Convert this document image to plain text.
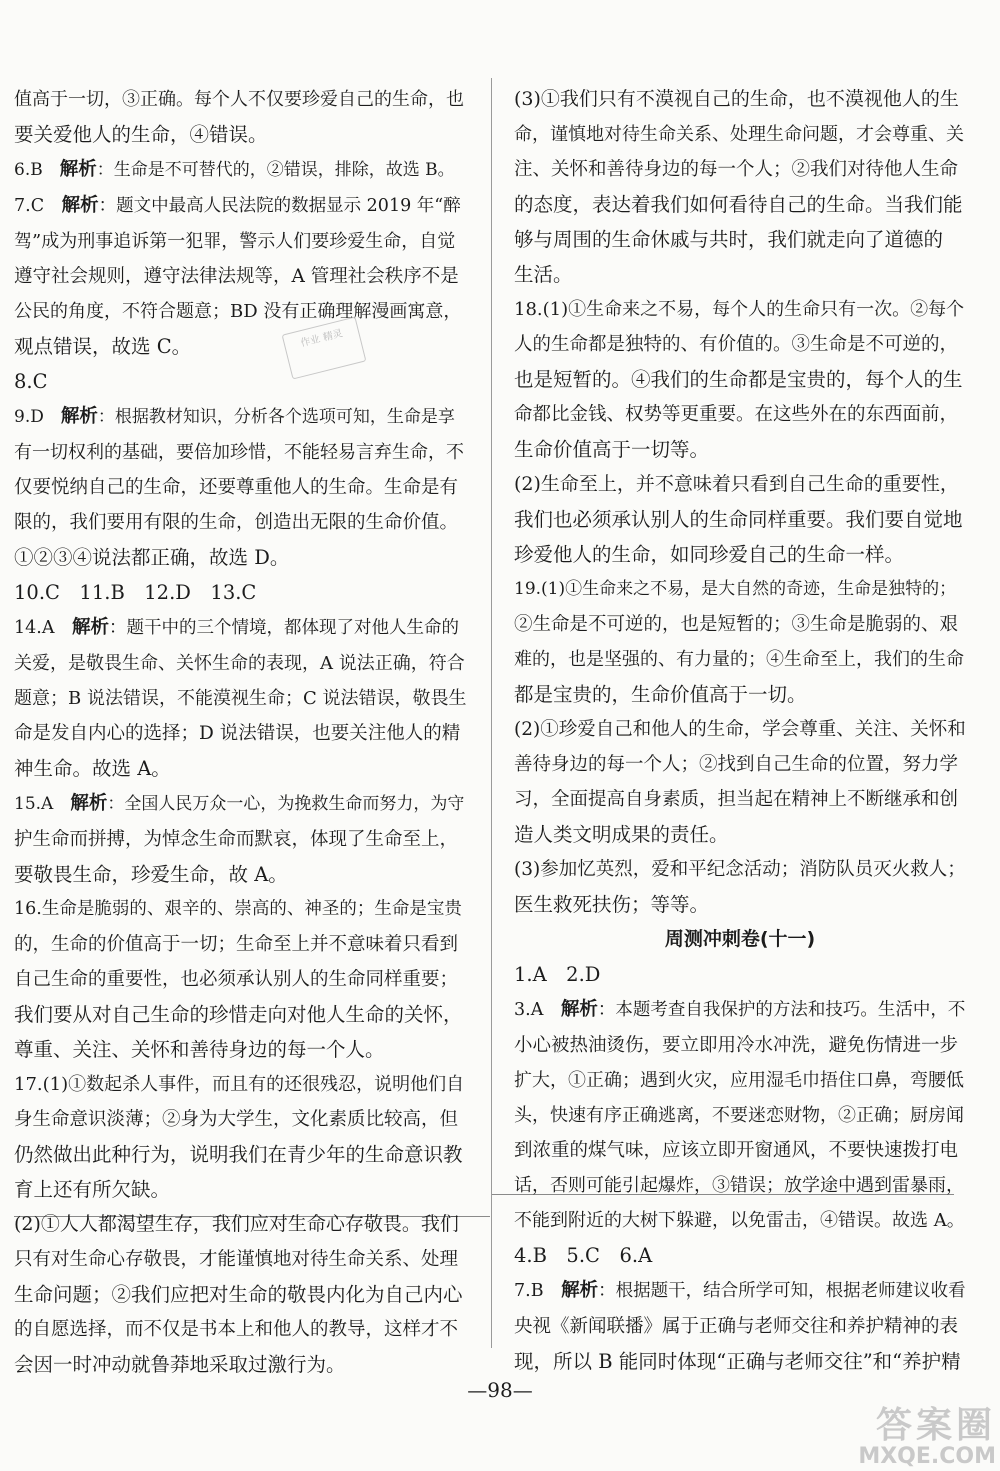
值高于一切，③正确。每个人不仅要珍爱自己的生命，也

要关爱他人的生命，④错误。

6.B　解析：生命是不可替代的，②错误，排除，故选 B。

7.C　解析：题文中最高人民法院的数据显示 2019 年“醉

驾”成为刑事追诉第一犯罪，警示人们要珍爱生命，自觉

遵守社会规则，遵守法律法规等，A 管理社会秩序不是

公民的角度，不符合题意；BD 没有正确理解漫画寓意，

观点错误，故选 C。

8.C

9.D　解析：根据教材知识，分析各个选项可知，生命是享

有一切权利的基础，要倍加珍惜，不能轻易言弃生命，不

仅要悦纳自己的生命，还要尊重他人的生命。生命是有

限的，我们要用有限的生命，创造出无限的生命价值。

①②③④说法都正确，故选 D。

10.C　11.B　12.D　13.C

14.A　解析：题干中的三个情境，都体现了对他人生命的

关爱，是敬畏生命、关怀生命的表现，A 说法正确，符合

题意；B 说法错误，不能漠视生命；C 说法错误，敬畏生

命是发自内心的选择；D 说法错误，也要关注他人的精

神生命。故选 A。

15.A　解析：全国人民万众一心，为挽救生命而努力，为守

护生命而拼搏，为悼念生命而默哀，体现了生命至上，

要敬畏生命，珍爱生命，故 A。

16.生命是脆弱的、艰辛的、崇高的、神圣的；生命是宝贵

的，生命的价值高于一切；生命至上并不意味着只看到

自己生命的重要性，也必须承认别人的生命同样重要；

我们要从对自己生命的珍惜走向对他人生命的关怀，

尊重、关注、关怀和善待身边的每一个人。

17.(1)①数起杀人事件，而且有的还很残忍，说明他们自

身生命意识淡薄；②身为大学生，文化素质比较高，但

仍然做出此种行为，说明我们在青少年的生命意识教

育上还有所欠缺。

(2)①人人都渴望生存，我们应对生命心存敬畏。我们

只有对生命心存敬畏，才能谨慎地对待生命关系、处理

生命问题；②我们应把对生命的敬畏内化为自己内心

的自愿选择，而不仅是书本上和他人的教导，这样才不

会因一时冲动就鲁莽地采取过激行为。

(3)①我们只有不漠视自己的生命，也不漠视他人的生

命，谨慎地对待生命关系、处理生命问题，才会尊重、关

注、关怀和善待身边的每一个人；②我们对待他人生命

的态度，表达着我们如何看待自己的生命。当我们能

够与周围的生命休戚与共时，我们就走向了道德的

生活。

18.(1)①生命来之不易，每个人的生命只有一次。②每个

人的生命都是独特的、有价值的。③生命是不可逆的，

也是短暂的。④我们的生命都是宝贵的，每个人的生

命都比金钱、权势等更重要。在这些外在的东西面前，

生命价值高于一切等。

(2)生命至上，并不意味着只看到自己生命的重要性，

我们也必须承认别人的生命同样重要。我们要自觉地

珍爱他人的生命，如同珍爱自己的生命一样。

19.(1)①生命来之不易，是大自然的奇迹，生命是独特的；

②生命是不可逆的，也是短暂的；③生命是脆弱的、艰

难的，也是坚强的、有力量的；④生命至上，我们的生命

都是宝贵的，生命价值高于一切。

(2)①珍爱自己和他人的生命，学会尊重、关注、关怀和

善待身边的每一个人；②找到自己生命的位置，努力学

习，全面提高自身素质，担当起在精神上不断继承和创

造人类文明成果的责任。

(3)参加忆英烈，爱和平纪念活动；消防队员灭火救人；

医生救死扶伤；等等。

周测冲刺卷(十一)

1.A　2.D

3.A　解析：本题考查自我保护的方法和技巧。生活中，不

小心被热油烫伤，要立即用冷水冲洗，避免伤情进一步

扩大，①正确；遇到火灾，应用湿毛巾捂住口鼻，弯腰低

头，快速有序正确逃离，不要迷恋财物，②正确；厨房闻

到浓重的煤气味，应该立即开窗通风，不要快速拨打电

话，否则可能引起爆炸，③错误；放学途中遇到雷暴雨，

不能到附近的大树下躲避，以免雷击，④错误。故选 A。

4.B　5.C　6.A

7.B　解析：根据题干，结合所学可知，根据老师建议收看

央视《新闻联播》属于正确与老师交往和养护精神的表

现，所以 B 能同时体现“正确与老师交往”和“养护精

作业 精灵
—98—
答案圈
MXQE.COM
